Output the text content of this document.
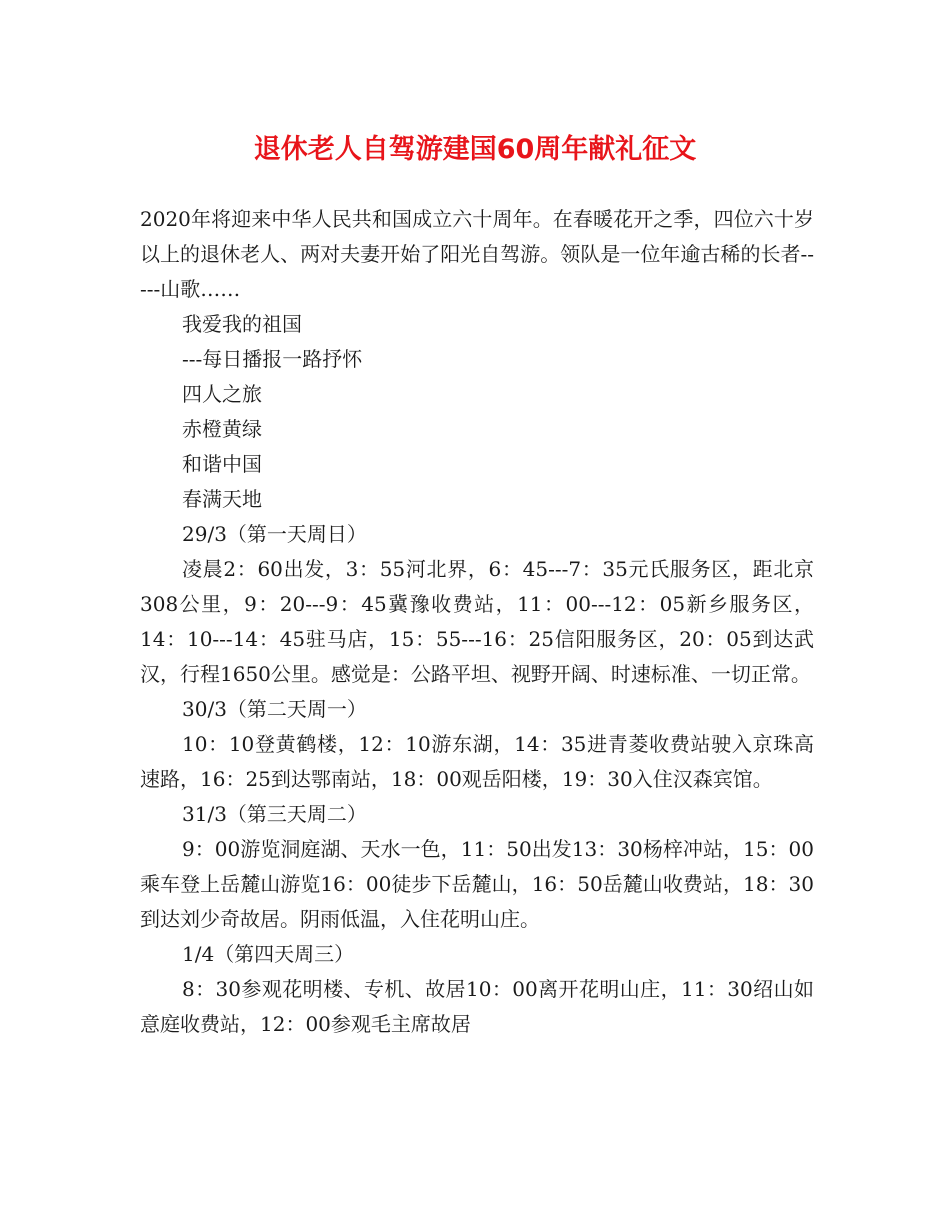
退休老人自驾游建国60周年献礼征文

2020年将迎来中华人民共和国成立六十周年。在春暖花开之季，四位六十岁以上的退休老人、两对夫妻开始了阳光自驾游。领队是一位年逾古稀的长者-----山歌……

我爱我的祖国

---每日播报一路抒怀

四人之旅

赤橙黄绿

和谐中国

春满天地

29/3（第一天周日）

凌晨2：60出发，3：55河北界，6：45---7：35元氏服务区，距北京308公里，9：20---9：45冀豫收费站，11：00---12：05新乡服务区，14：10---14：45驻马店，15：55---16：25信阳服务区，20：05到达武汉，行程1650公里。感觉是：公路平坦、视野开阔、时速标准、一切正常。

30/3（第二天周一）

10：10登黄鹤楼，12：10游东湖，14：35进青菱收费站驶入京珠高速路，16：25到达鄂南站，18：00观岳阳楼，19：30入住汉森宾馆。

31/3（第三天周二）

9：00游览洞庭湖、天水一色，11：50出发13：30杨梓冲站，15：00乘车登上岳麓山游览16：00徒步下岳麓山，16：50岳麓山收费站，18：30到达刘少奇故居。阴雨低温，入住花明山庄。

1/4（第四天周三）

8：30参观花明楼、专机、故居10：00离开花明山庄，11：30绍山如意庭收费站，12：00参观毛主席故居
